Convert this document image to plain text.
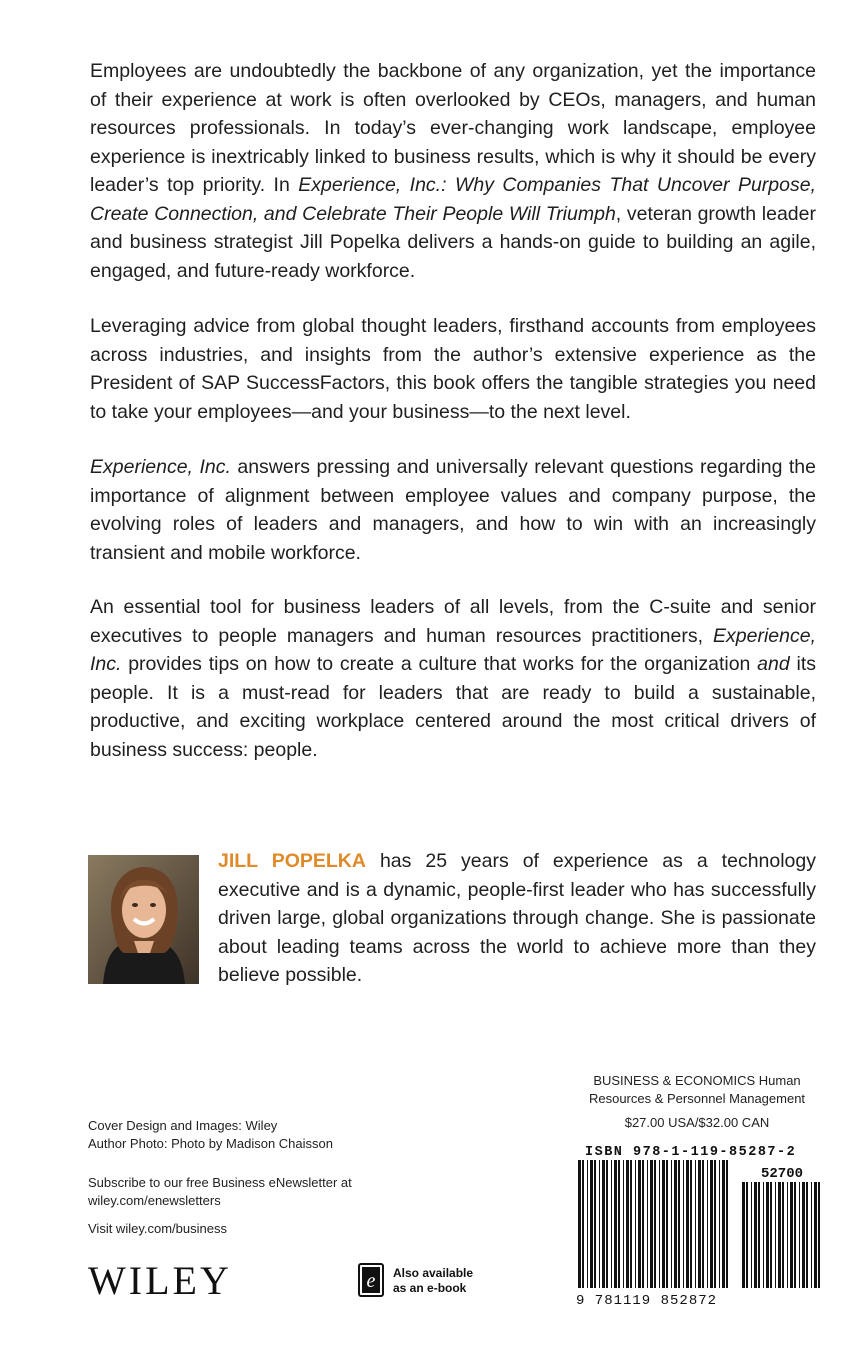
Employees are undoubtedly the backbone of any organization, yet the importance of their experience at work is often overlooked by CEOs, managers, and human resources professionals. In today’s ever-changing work landscape, employee experience is inextricably linked to business results, which is why it should be every leader’s top priority. In Experience, Inc.: Why Companies That Uncover Purpose, Create Connection, and Celebrate Their People Will Triumph, veteran growth leader and business strategist Jill Popelka delivers a hands-on guide to building an agile, engaged, and future-ready workforce.

Leveraging advice from global thought leaders, firsthand accounts from employees across industries, and insights from the author’s extensive experience as the President of SAP SuccessFactors, this book offers the tangible strategies you need to take your employees—and your business—to the next level.

Experience, Inc. answers pressing and universally relevant questions regarding the importance of alignment between employee values and company purpose, the evolving roles of leaders and managers, and how to win with an increasingly transient and mobile workforce.

An essential tool for business leaders of all levels, from the C-suite and senior executives to people managers and human resources practitioners, Experience, Inc. provides tips on how to create a culture that works for the organization and its people. It is a must-read for leaders that are ready to build a sustainable, productive, and exciting workplace centered around the most critical drivers of business success: people.

JILL POPELKA has 25 years of experience as a technology executive and is a dynamic, people-first leader who has successfully driven large, global organizations through change. She is passionate about leading teams across the world to achieve more than they believe possible.

Cover Design and Images: Wiley
Author Photo: Photo by Madison Chaisson
Subscribe to our free Business eNewsletter at
wiley.com/enewsletters
Visit wiley.com/business
WILEY	e Also available
as an e-book
BUSINESS & ECONOMICS Human
Resources & Personnel Management
$27.00 USA/$32.00 CAN
ISBN 978-1-119-85287-2
52700
9 781119 852872
